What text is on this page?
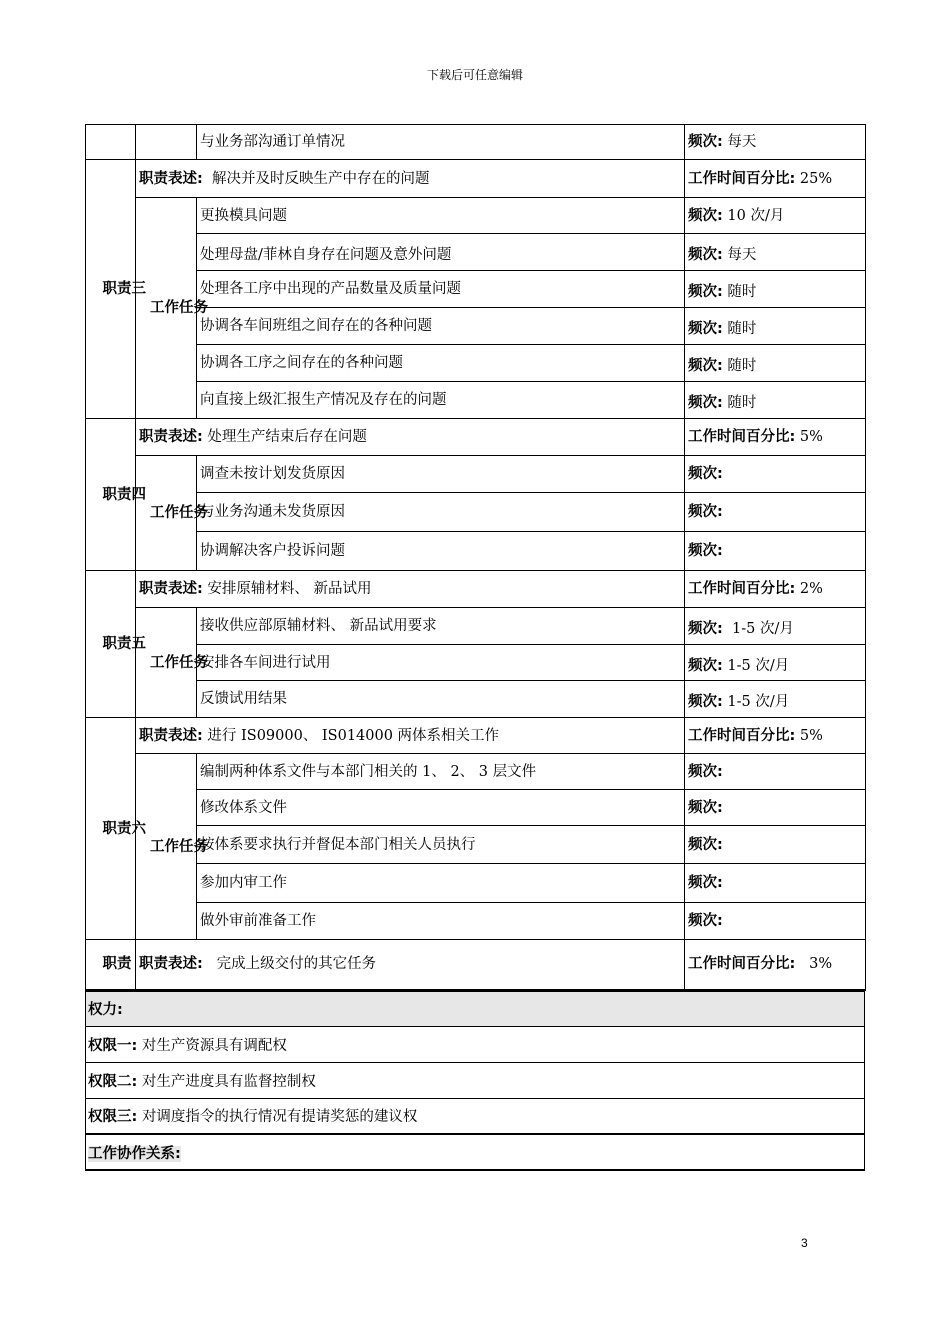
下载后可任意编辑
		与业务部沟通订单情况	频次: 每天
职责三	职责表述: 解决并及时反映生产中存在的问题		工作时间百分比: 25%
	工作任务	更换模具问题	频次: 10 次/月
		处理母盘/菲林自身存在问题及意外问题	频次: 每天
		处理各工序中出现的产品数量及质量问题	频次: 随时
		协调各车间班组之间存在的各种问题	频次: 随时
		协调各工序之间存在的各种问题	频次: 随时
		向直接上级汇报生产情况及存在的问题	频次: 随时
职责四	职责表述: 处理生产结束后存在问题		工作时间百分比: 5%
	工作任务	调查未按计划发货原因	频次:
		与业务沟通未发货原因	频次:
		协调解决客户投诉问题	频次:
职责五	职责表述: 安排原辅材料、 新品试用		工作时间百分比: 2%
	工作任务	接收供应部原辅材料、 新品试用要求	频次: 1-5 次/月
		安排各车间进行试用	频次: 1-5 次/月
		反馈试用结果	频次: 1-5 次/月
职责六	职责表述: 进行 IS09000、 IS014000 两体系相关工作		工作时间百分比: 5%
	工作任务	编制两种体系文件与本部门相关的 1、 2、 3 层文件	频次:
		修改体系文件	频次:
		按体系要求执行并督促本部门相关人员执行	频次:
		参加内审工作	频次:
		做外审前准备工作	频次:
职责	职责表述: 完成上级交付的其它任务		工作时间百分比: 3%
权力:
权限一: 对生产资源具有调配权
权限二: 对生产进度具有监督控制权
权限三: 对调度指令的执行情况有提请奖惩的建议权
工作协作关系:
3
